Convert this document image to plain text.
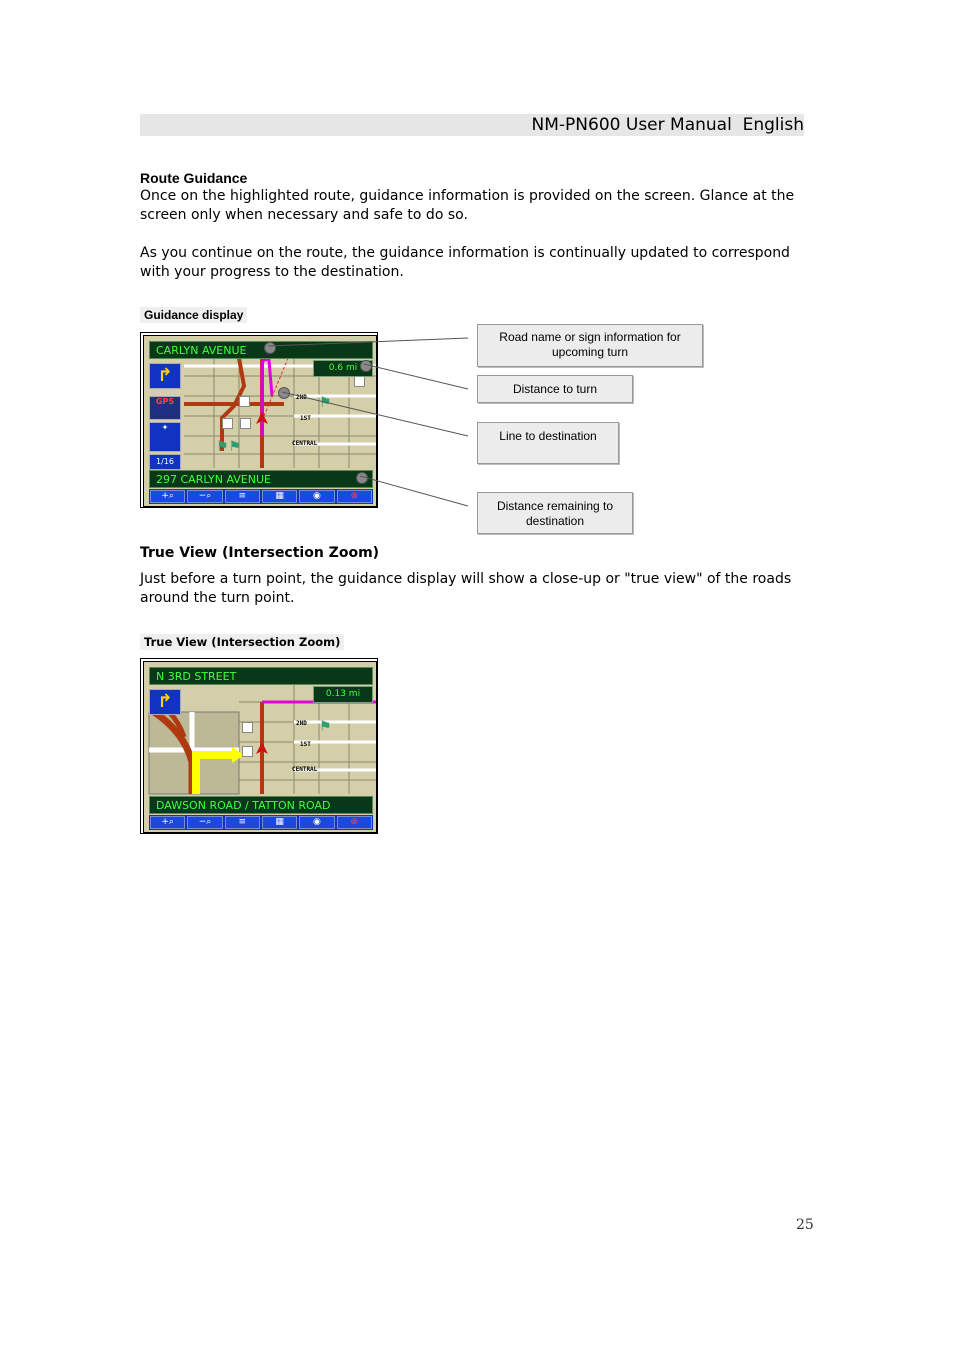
NM-PN600 User Manual  English
Route Guidance
Once on the highlighted route, guidance information is provided on the screen. Glance at the screen only when necessary and safe to do so.
As you continue on the route, the guidance information is continually updated to correspond with your progress to the destination.
Guidance display
2ND
1ST
CENTRAL
⚑
⚑⚑
CARLYN AVENUE
0.6 mi
↱
GPS
✦
1/16
297 CARLYN AVENUE
+⌕	−⌕	≡	▦	◉	⊗
Road name or sign information for upcoming turn
Distance to turn
Line to destination
Distance remaining to destination
True View (Intersection Zoom)
Just before a turn point, the guidance display will show a close-up or "true view" of the roads around the turn point.
True View (Intersection Zoom)
2ND
1ST
CENTRAL
⚑
N 3RD STREET
0.13 mi
↱
DAWSON ROAD / TATTON ROAD
+⌕	−⌕	≡	▦	◉	⊗
25
